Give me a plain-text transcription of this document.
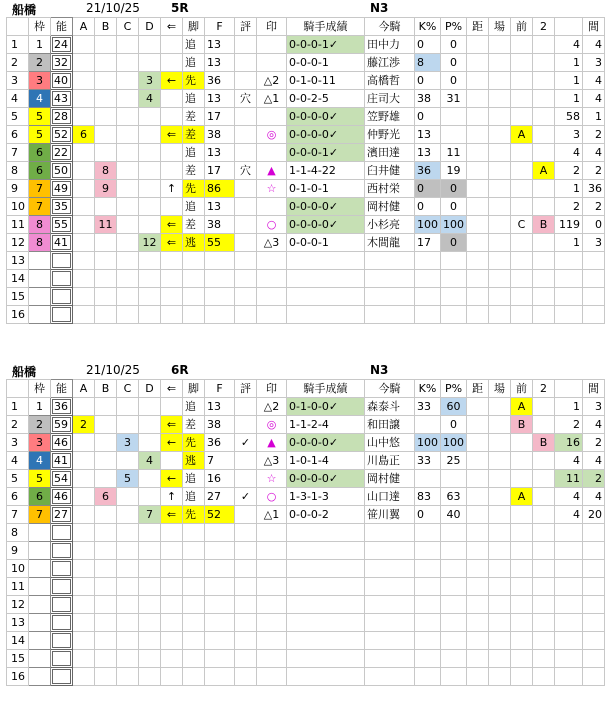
船橋	21/10/25	5R	N3
	枠	能	A	B	C	D	⇐	脚	F	評	印	騎手成績	今騎	K%	P%	距	場	前	2		間
1	1	24						追	13			0-0-0-1✓	田中力	0	0					4	4
2	2	32						追	13			0-0-0-1	藤江渉	8	0					1	3
3	3	40				3	←	先	36		△2	0-1-0-11	高橋哲	0	0					1	4
4	4	43				4		追	13	穴	△1	0-0-2-5	庄司大	38	31					1	4
5	5	28						差	17			0-0-0-0✓	笠野雄	0						58	1
6	5	52	6				⇐	差	38		◎	0-0-0-0✓	仲野光	13				A		3	2
7	6	22						追	13			0-0-0-1✓	濱田達	13	11					4	4
8	6	50		8				差	17	穴	▲	1-1-4-22	臼井健	36	19				A	2	2
9	7	49		9			↑	先	86		☆	0-1-0-1	西村栄	0	0					1	36
10	7	35						追	13			0-0-0-0✓	岡村健	0	0					2	2
11	8	55		11			⇐	差	38		○	0-0-0-0✓	小杉亮	100	100			C	B	119	0
12	8	41				12	⇐	逃	55		△3	0-0-0-1	木間龍	17	0					1	3
13																					
14																					
15																					
16																					
船橋	21/10/25	6R	N3
	枠	能	A	B	C	D	⇐	脚	F	評	印	騎手成績	今騎	K%	P%	距	場	前	2		間
1	1	36						追	13		△2	0-1-0-0✓	森泰斗	33	60			A		1	3
2	2	59	2				⇐	差	38		◎	1-1-2-4	和田譲		0			B		2	4
3	3	46			3		←	先	36	✓	▲	0-0-0-0✓	山中悠	100	100				B	16	2
4	4	41				4		逃	7		△3	1-0-1-4	川島正	33	25					4	4
5	5	54			5		←	追	16		☆	0-0-0-0✓	岡村健							11	2
6	6	46		6			↑	追	27	✓	○	1-3-1-3	山口達	83	63			A		4	4
7	7	27				7	⇐	先	52		△1	0-0-0-2	笹川翼	0	40					4	20
8																					
9																					
10																					
11																					
12																					
13																					
14																					
15																					
16																					
